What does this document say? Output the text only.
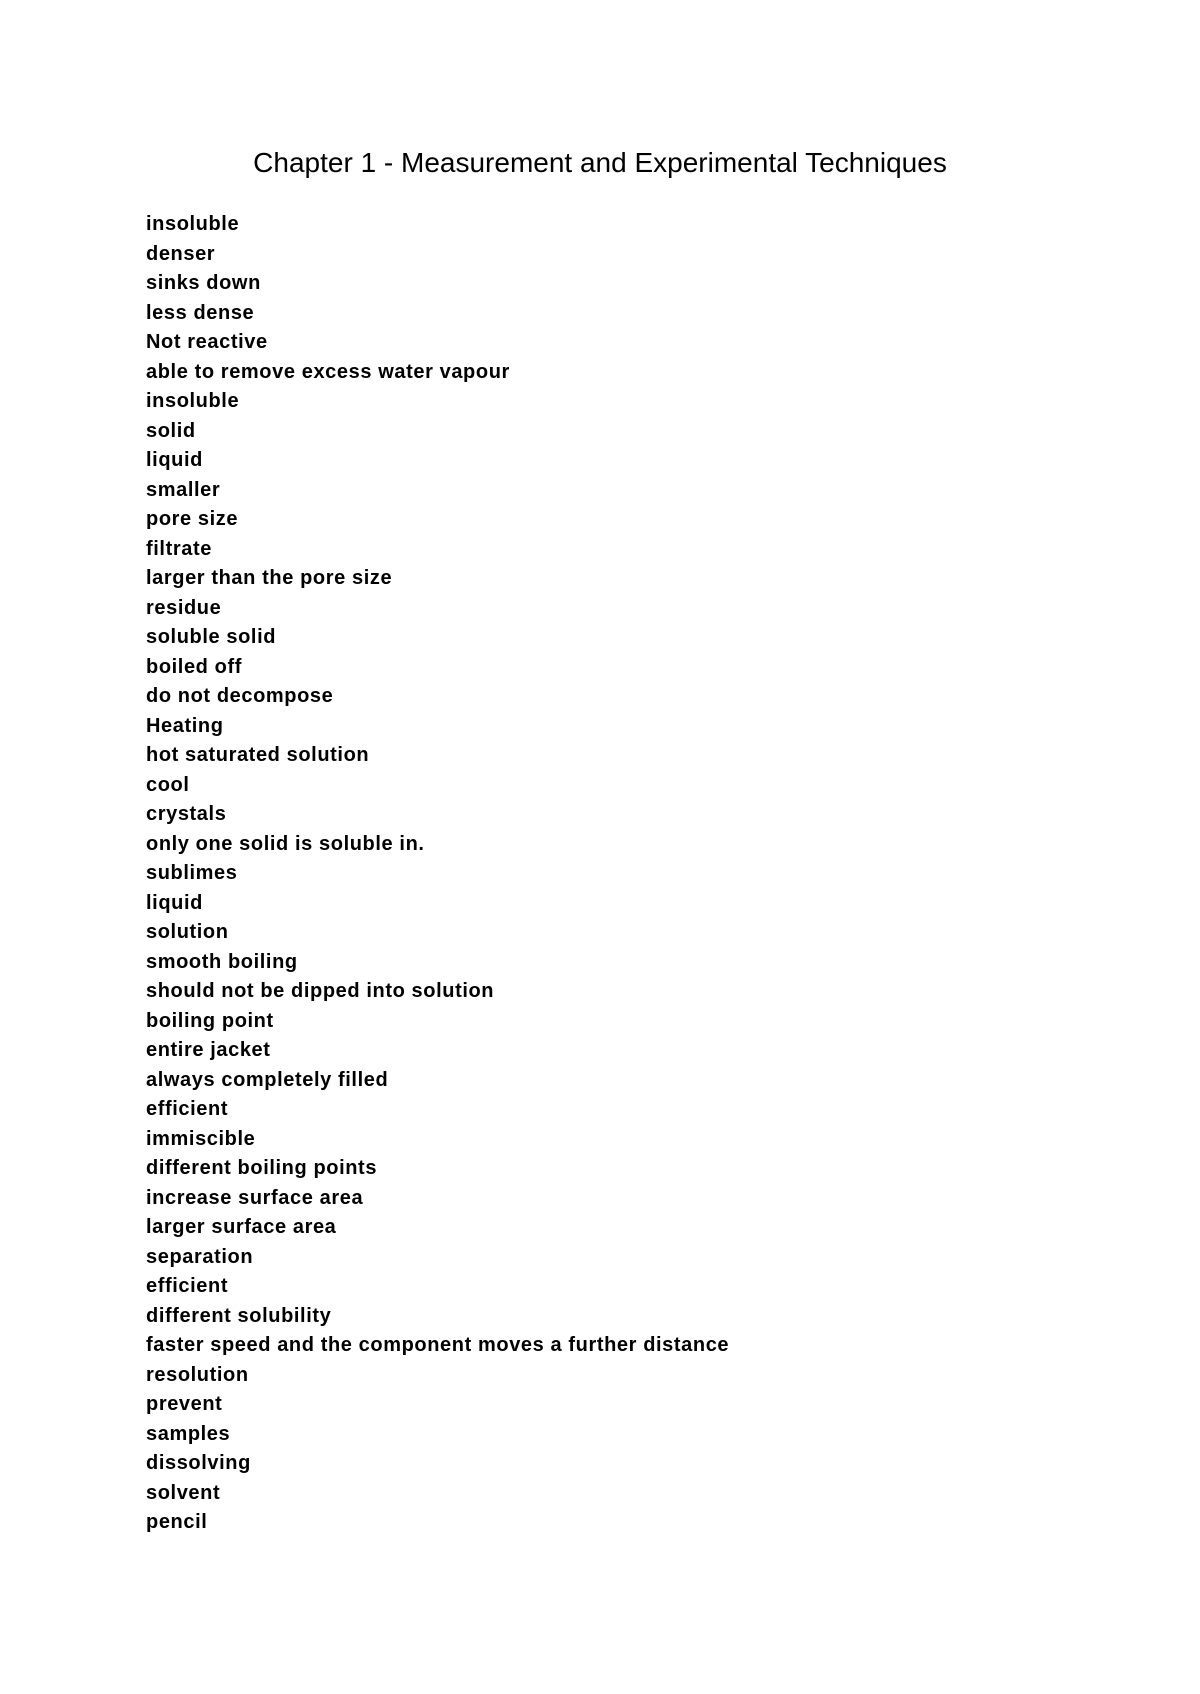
Chapter 1 - Measurement and Experimental Techniques
insoluble
denser
sinks down
less dense
Not reactive
able to remove excess water vapour
insoluble
solid
liquid
smaller
pore size
filtrate
larger than the pore size
residue
soluble solid
boiled off
do not decompose
Heating
hot saturated solution
cool
crystals
only one solid is soluble in.
sublimes
liquid
solution
smooth boiling
should not be dipped into solution
boiling point
entire jacket
always completely filled
efficient
immiscible
different boiling points
increase surface area
larger surface area
separation
efficient
different solubility
faster speed and the component moves a further distance
resolution
prevent
samples
dissolving
solvent
pencil
